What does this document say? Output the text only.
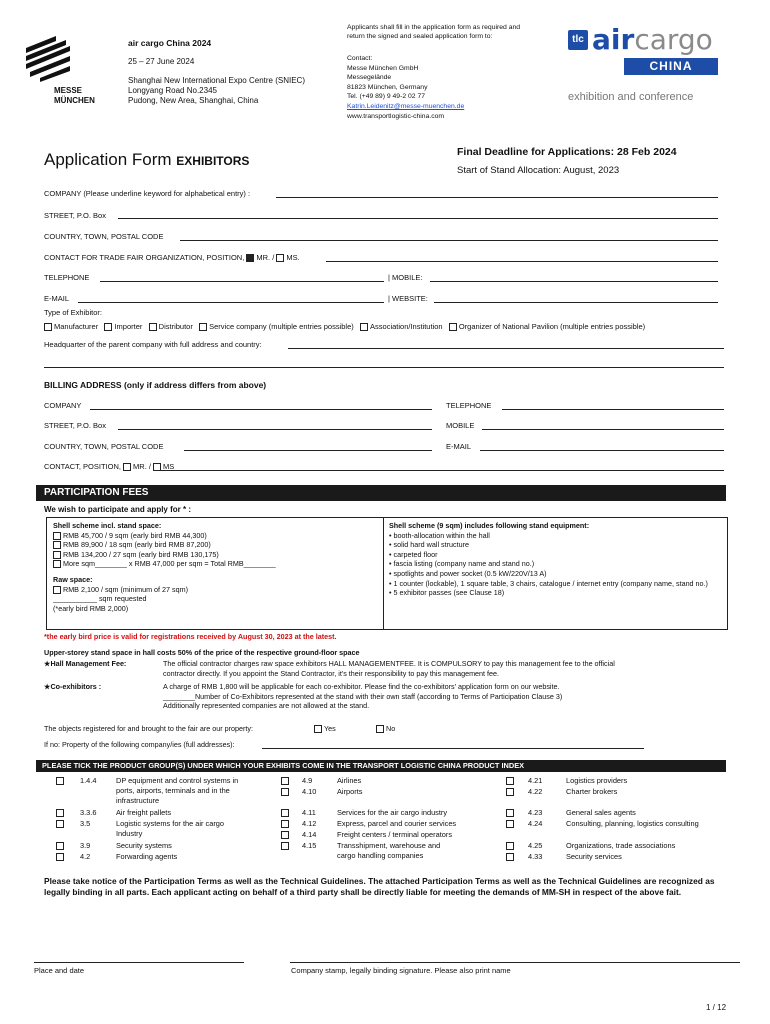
MESSE
MÜNCHEN
air cargo China 2024
25 – 27 June 2024
Shanghai New International Expo Centre (SNIEC)
Longyang Road No.2345
Pudong, New Area, Shanghai, China
Applicants shall fill in the application form as required and
return the signed and sealed application form to:
Contact:
Messe München GmbH
Messegelände
81823 München, Germany
Tel. (+49 89) 9 49-2 02 77
Katrin.Leidenitz@messe-muenchen.de
www.transportlogistic-china.com
tlc aircargo
CHINA
exhibition and conference
Application Form EXHIBITORS
Final Deadline for Applications: 28 Feb 2024
Start of Stand Allocation: August, 2023
COMPANY (Please underline keyword for alphabetical entry) :
STREET, P.O. Box
COUNTRY, TOWN, POSTAL CODE
CONTACT FOR TRADE FAIR ORGANIZATION, POSITION, MR. / MS.
TELEPHONE	| MOBILE:
E-MAIL	| WEBSITE:
Type of Exhibitor:
Manufacturer Importer Distributor Service company (multiple entries possible) Association/Institution Organizer of National Pavilion (multiple entries possible)
Headquarter of the parent company with full address and country:
BILLING ADDRESS (only if address differs from above)
COMPANY	TELEPHONE
STREET, P.O. Box	MOBILE
COUNTRY, TOWN, POSTAL CODE	E-MAIL
CONTACT, POSITION, MR. / MS
PARTICIPATION FEES
We wish to participate and apply for * :
Shell scheme incl. stand space:
RMB 45,700 / 9 sqm (early bird RMB 44,300)
RMB 89,900 / 18 sqm (early bird RMB 87,200)
RMB 134,200 / 27 sqm (early bird RMB 130,175)
More sqm________ x RMB 47,000 per sqm = Total RMB________
Raw space:
RMB 2,100 / sqm (minimum of 27 sqm)
___________ sqm requested
(*early bird RMB 2,000)
Shell scheme (9 sqm) includes following stand equipment:
• booth-allocation within the hall
• solid hard wall structure
• carpeted floor
• fascia listing (company name and stand no.)
• spotlights and power socket (0.5 kW/220V/13 A)
• 1 counter (lockable), 1 square table, 3 chairs, catalogue / internet entry (company name, stand no.)
• 5 exhibitor passes (see Clause 18)
*the early bird price is valid for registrations received by August 30, 2023 at the latest.
Upper-storey stand space in hall costs 50% of the price of the respective ground-floor space
★Hall Management Fee:	The official contractor charges raw space exhibitors HALL MANAGEMENTFEE. It is COMPULSORY to pay this management fee to the official
contractor directly. If you appoint the Stand Contractor, it's their responsibility to pay this management fee.
★Co-exhibitors :	A charge of RMB 1,800 will be applicable for each co-exhibitor. Please find the co-exhibitors' application form on our website.
________Number of Co-Exhibitors represented at the stand with their own staff (according to Terms of Participation Clause 3)
Additionally represented companies are not allowed at the stand.
The objects registered for and brought to the fair are our property:	Yes	No
If no: Property of the following company/ies (full addresses):
PLEASE TICK THE PRODUCT GROUP(S) UNDER WHICH YOUR EXHIBITS COME IN THE TRANSPORT LOGISTIC CHINA PRODUCT INDEX
1.4.4	DP equipment and control systems in
ports, airports, terminals and in the
infrastructure
3.3.6	Air freight pallets
3.5	Logistic systems for the air cargo
Industry
3.9	Security systems
4.2	Forwarding agents
4.9	Airlines
4.10	Airports
4.11	Services for the air cargo industry
4.12	Express, parcel and courier services
4.14	Freight centers / terminal operators
4.15	Transshipment, warehouse and
cargo handling companies
4.21	Logistics providers
4.22	Charter brokers
4.23	General sales agents
4.24	Consulting, planning, logistics consulting
4.25	Organizations, trade associations
4.33	Security services
Please take notice of the Participation Terms as well as the Technical Guidelines. The attached Participation Terms as well as the Technical Guidelines are recognized as legally binding in all parts. Each applicant acting on behalf of a third party shall be directly liable for meeting the demands of MM-SH in respect of the above fait.
Place and date	Company stamp, legally binding signature. Please also print name
1 / 12
